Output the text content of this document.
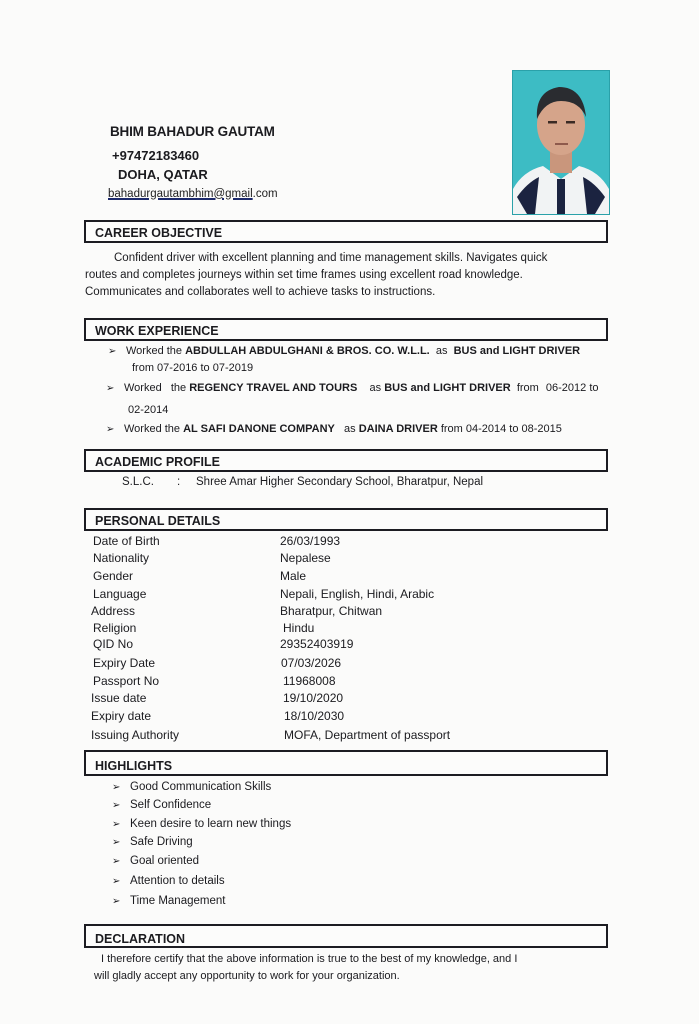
BHIM BAHADUR GAUTAM
+97472183460
DOHA, QATAR
bahadurgautambhim@gmail.com
CAREER OBJECTIVE
Confident driver with excellent planning and time management skills. Navigates quick
routes and completes journeys within set time frames using excellent road knowledge.
Communicates and collaborates well to achieve tasks to instructions.
WORK EXPERIENCE
➢ Worked the ABDULLAH ABDULGHANI & BROS. CO. W.L.L.  as  BUS and LIGHT DRIVER
from 07-2016 to 07-2019
➢ Worked   the REGENCY TRAVEL AND TOURS    as BUS and LIGHT DRIVER  from 06-2012 to
02-2014
➢ Worked the AL SAFI DANONE COMPANY   as DAINA DRIVER from 04-2014 to 08-2015
ACADEMIC PROFILE
S.L.C. : Shree Amar Higher Secondary School, Bharatpur, Nepal
PERSONAL DETAILS
Date of Birth	26/03/1993
Nationality	Nepalese
Gender	Male
Language	Nepali, English, Hindi, Arabic
Address	Bharatpur, Chitwan
Religion	Hindu
QID No	29352403919
Expiry Date	07/03/2026
Passport No	11968008
Issue date	19/10/2020
Expiry date	18/10/2030
Issuing Authority	MOFA, Department of passport
HIGHLIGHTS
➢ Good Communication Skills
➢ Self Confidence
➢ Keen desire to learn new things
➢ Safe Driving
➢ Goal oriented
➢ Attention to details
➢ Time Management
DECLARATION
I therefore certify that the above information is true to the best of my knowledge, and I
will gladly accept any opportunity to work for your organization.
